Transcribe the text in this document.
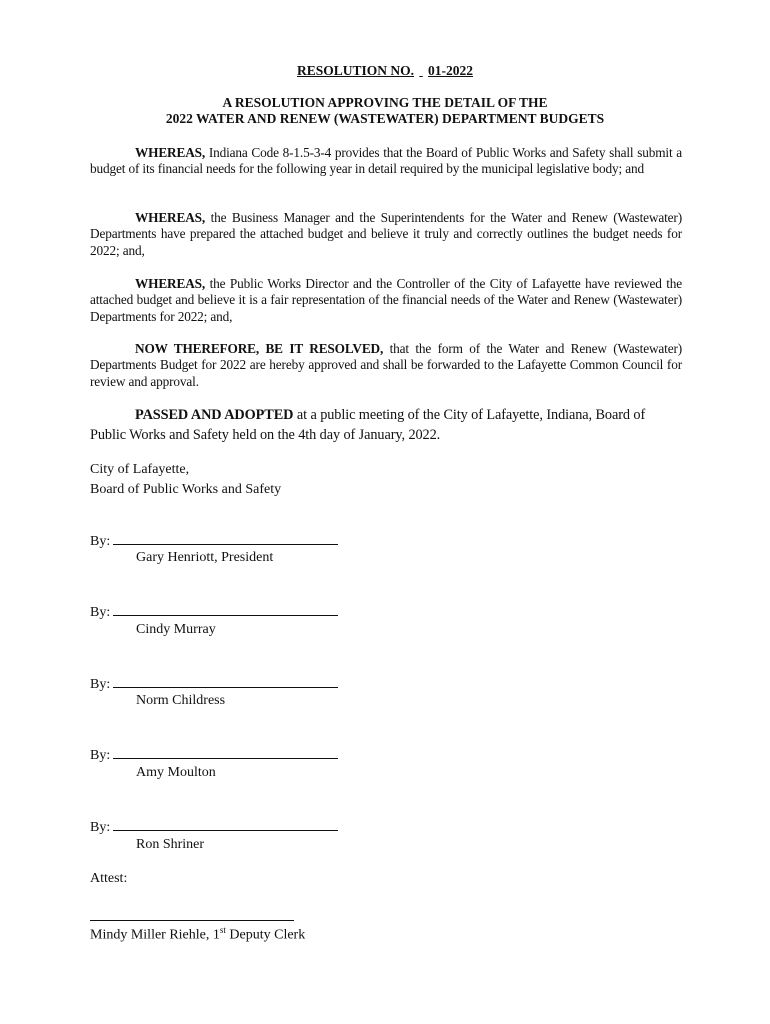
RESOLUTION NO. 01-2022
A RESOLUTION APPROVING THE DETAIL OF THE
2022 WATER AND RENEW (WASTEWATER) DEPARTMENT BUDGETS
WHEREAS, Indiana Code 8-1.5-3-4 provides that the Board of Public Works and Safety shall submit a budget of its financial needs for the following year in detail required by the municipal legislative body; and
WHEREAS, the Business Manager and the Superintendents for the Water and Renew (Wastewater) Departments have prepared the attached budget and believe it truly and correctly outlines the budget needs for 2022; and,
WHEREAS, the Public Works Director and the Controller of the City of Lafayette have reviewed the attached budget and believe it is a fair representation of the financial needs of the Water and Renew (Wastewater) Departments for 2022; and,
NOW THEREFORE, BE IT RESOLVED, that the form of the Water and Renew (Wastewater) Departments Budget for 2022 are hereby approved and shall be forwarded to the Lafayette Common Council for review and approval.
PASSED AND ADOPTED at a public meeting of the City of Lafayette, Indiana, Board of Public Works and Safety held on the 4th day of January, 2022.
City of Lafayette,
Board of Public Works and Safety
By:
Gary Henriott, President
By:
Cindy Murray
By:
Norm Childress
By:
Amy Moulton
By:
Ron Shriner
Attest:
Mindy Miller Riehle, 1st Deputy Clerk
